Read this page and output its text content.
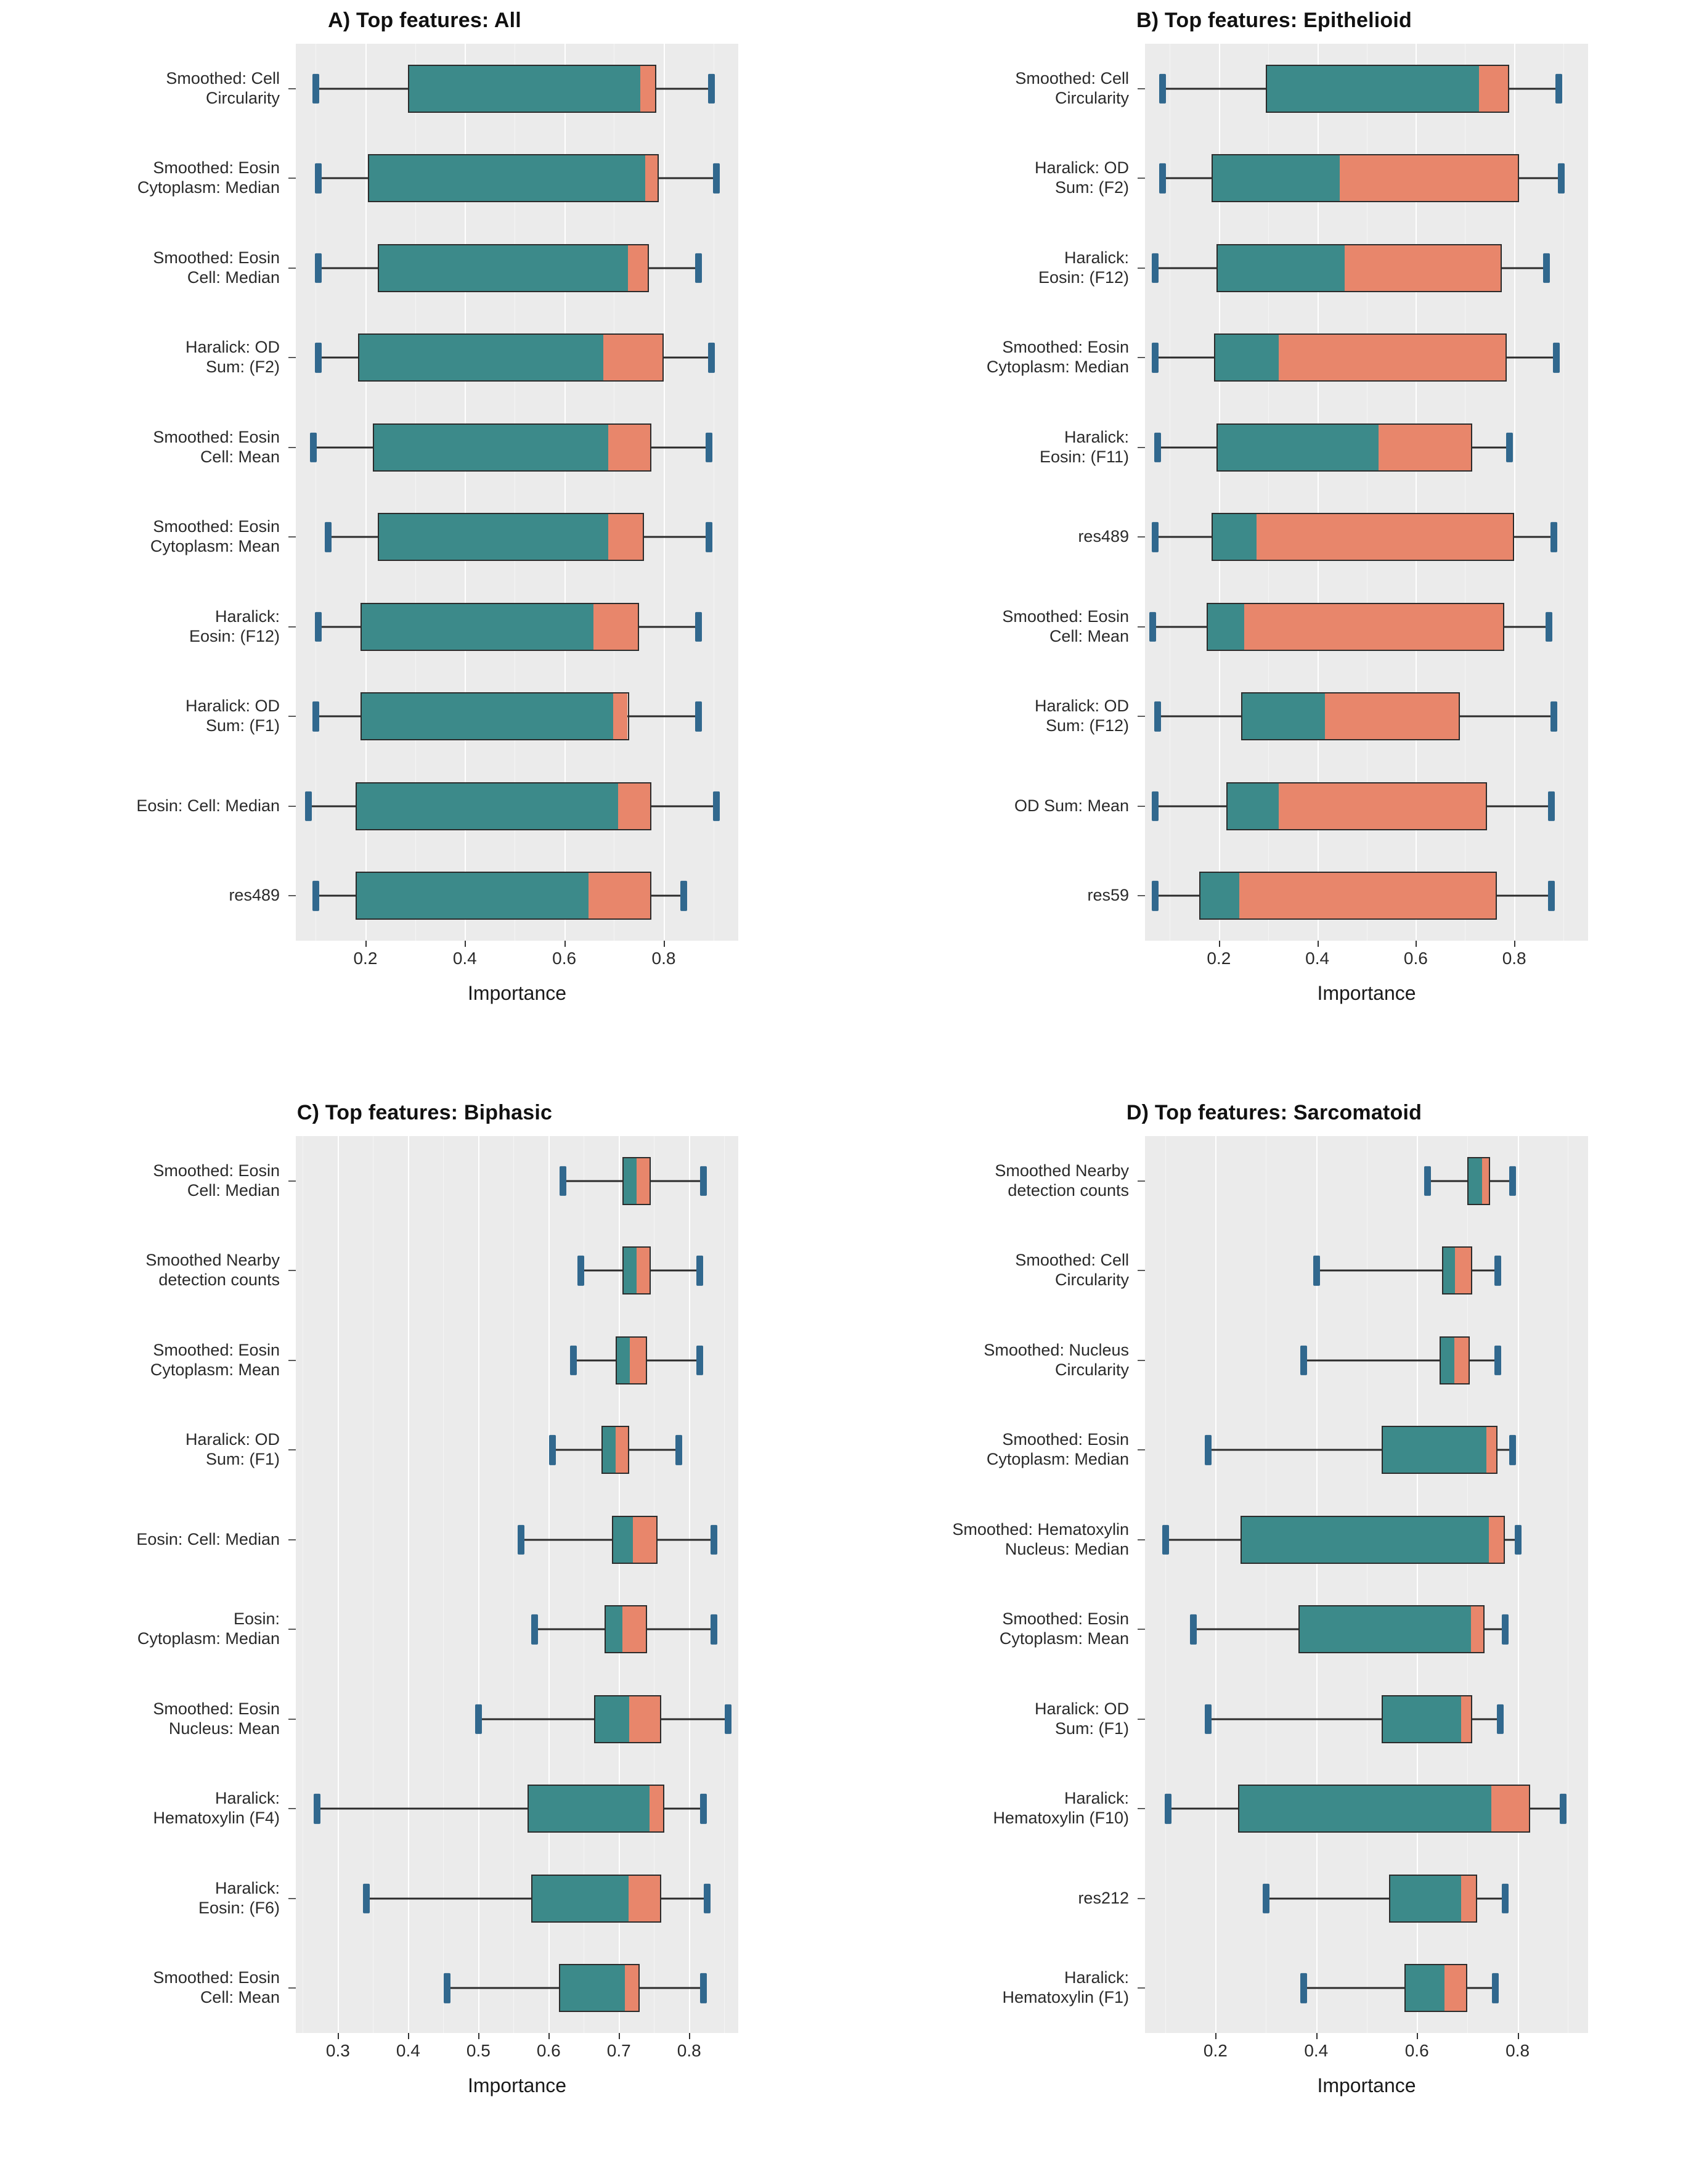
A) Top features: All
Smoothed: Cell
Circularity
Smoothed: Eosin
Cytoplasm: Median
Smoothed: Eosin
Cell: Median
Haralick: OD
Sum: (F2)
Smoothed: Eosin
Cell: Mean
Smoothed: Eosin
Cytoplasm: Mean
Haralick:
Eosin: (F12)
Haralick: OD
Sum: (F1)
Eosin: Cell: Median
res489
0.2	0.4	0.6	0.8
Importance
B) Top features: Epithelioid
Smoothed: Cell
Circularity
Haralick: OD
Sum: (F2)
Haralick:
Eosin: (F12)
Smoothed: Eosin
Cytoplasm: Median
Haralick:
Eosin: (F11)
res489
Smoothed: Eosin
Cell: Mean
Haralick: OD
Sum: (F12)
OD Sum: Mean
res59
0.2	0.4	0.6	0.8
Importance
C) Top features: Biphasic
Smoothed: Eosin
Cell: Median
Smoothed Nearby
detection counts
Smoothed: Eosin
Cytoplasm: Mean
Haralick: OD
Sum: (F1)
Eosin: Cell: Median
Eosin:
Cytoplasm: Median
Smoothed: Eosin
Nucleus: Mean
Haralick:
Hematoxylin (F4)
Haralick:
Eosin: (F6)
Smoothed: Eosin
Cell: Mean
0.3	0.4	0.5	0.6	0.7	0.8
Importance
D) Top features: Sarcomatoid
Smoothed Nearby
detection counts
Smoothed: Cell
Circularity
Smoothed: Nucleus
Circularity
Smoothed: Eosin
Cytoplasm: Median
Smoothed: Hematoxylin
Nucleus: Median
Smoothed: Eosin
Cytoplasm: Mean
Haralick: OD
Sum: (F1)
Haralick:
Hematoxylin (F10)
res212
Haralick:
Hematoxylin (F1)
0.2	0.4	0.6	0.8
Importance
